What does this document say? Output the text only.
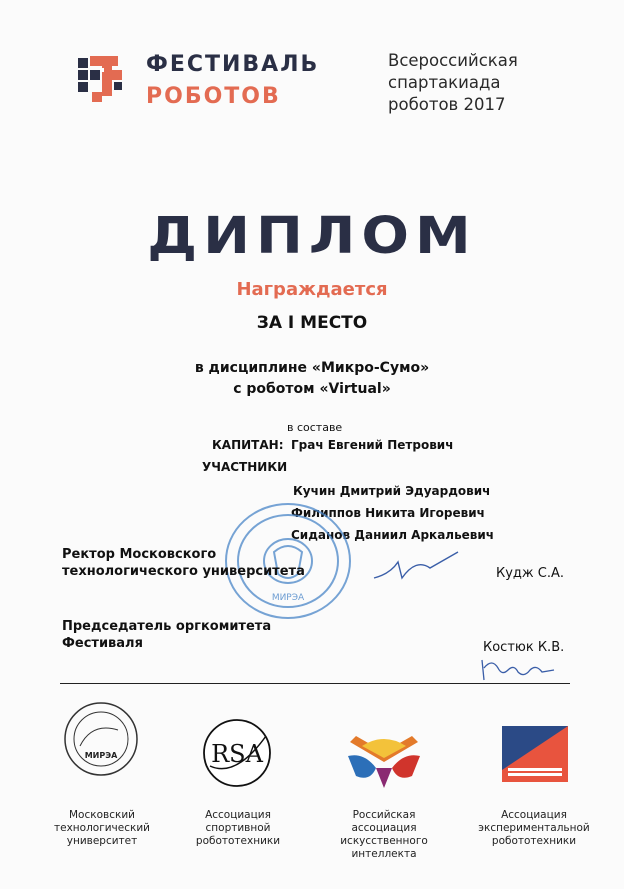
ФЕСТИВАЛЬ
РОБОТОВ
Всероссийская
спартакиада
роботов 2017
ДИПЛОМ
Награждается
ЗА I МЕСТО
в дисциплине «Микро-Сумо»
с роботом «Virtual»
в составе
КАПИТАН: Грач Евгений Петрович
УЧАСТНИКИ
Кучин Дмитрий Эдуардович
Филиппов Никита Игоревич
Сиданов Даниил Аркальевич
МИРЭА
Ректор Московского
технологического университета	Кудж С.А.
Председатель оргкомитета
Фестиваля	Костюк К.В.
МИРЭА	RSA
Московский
технологический
университет
Ассоциация
спортивной
робототехники
Российская
ассоциация
искусственного
интеллекта
Ассоциация
экспериментальной
робототехники
